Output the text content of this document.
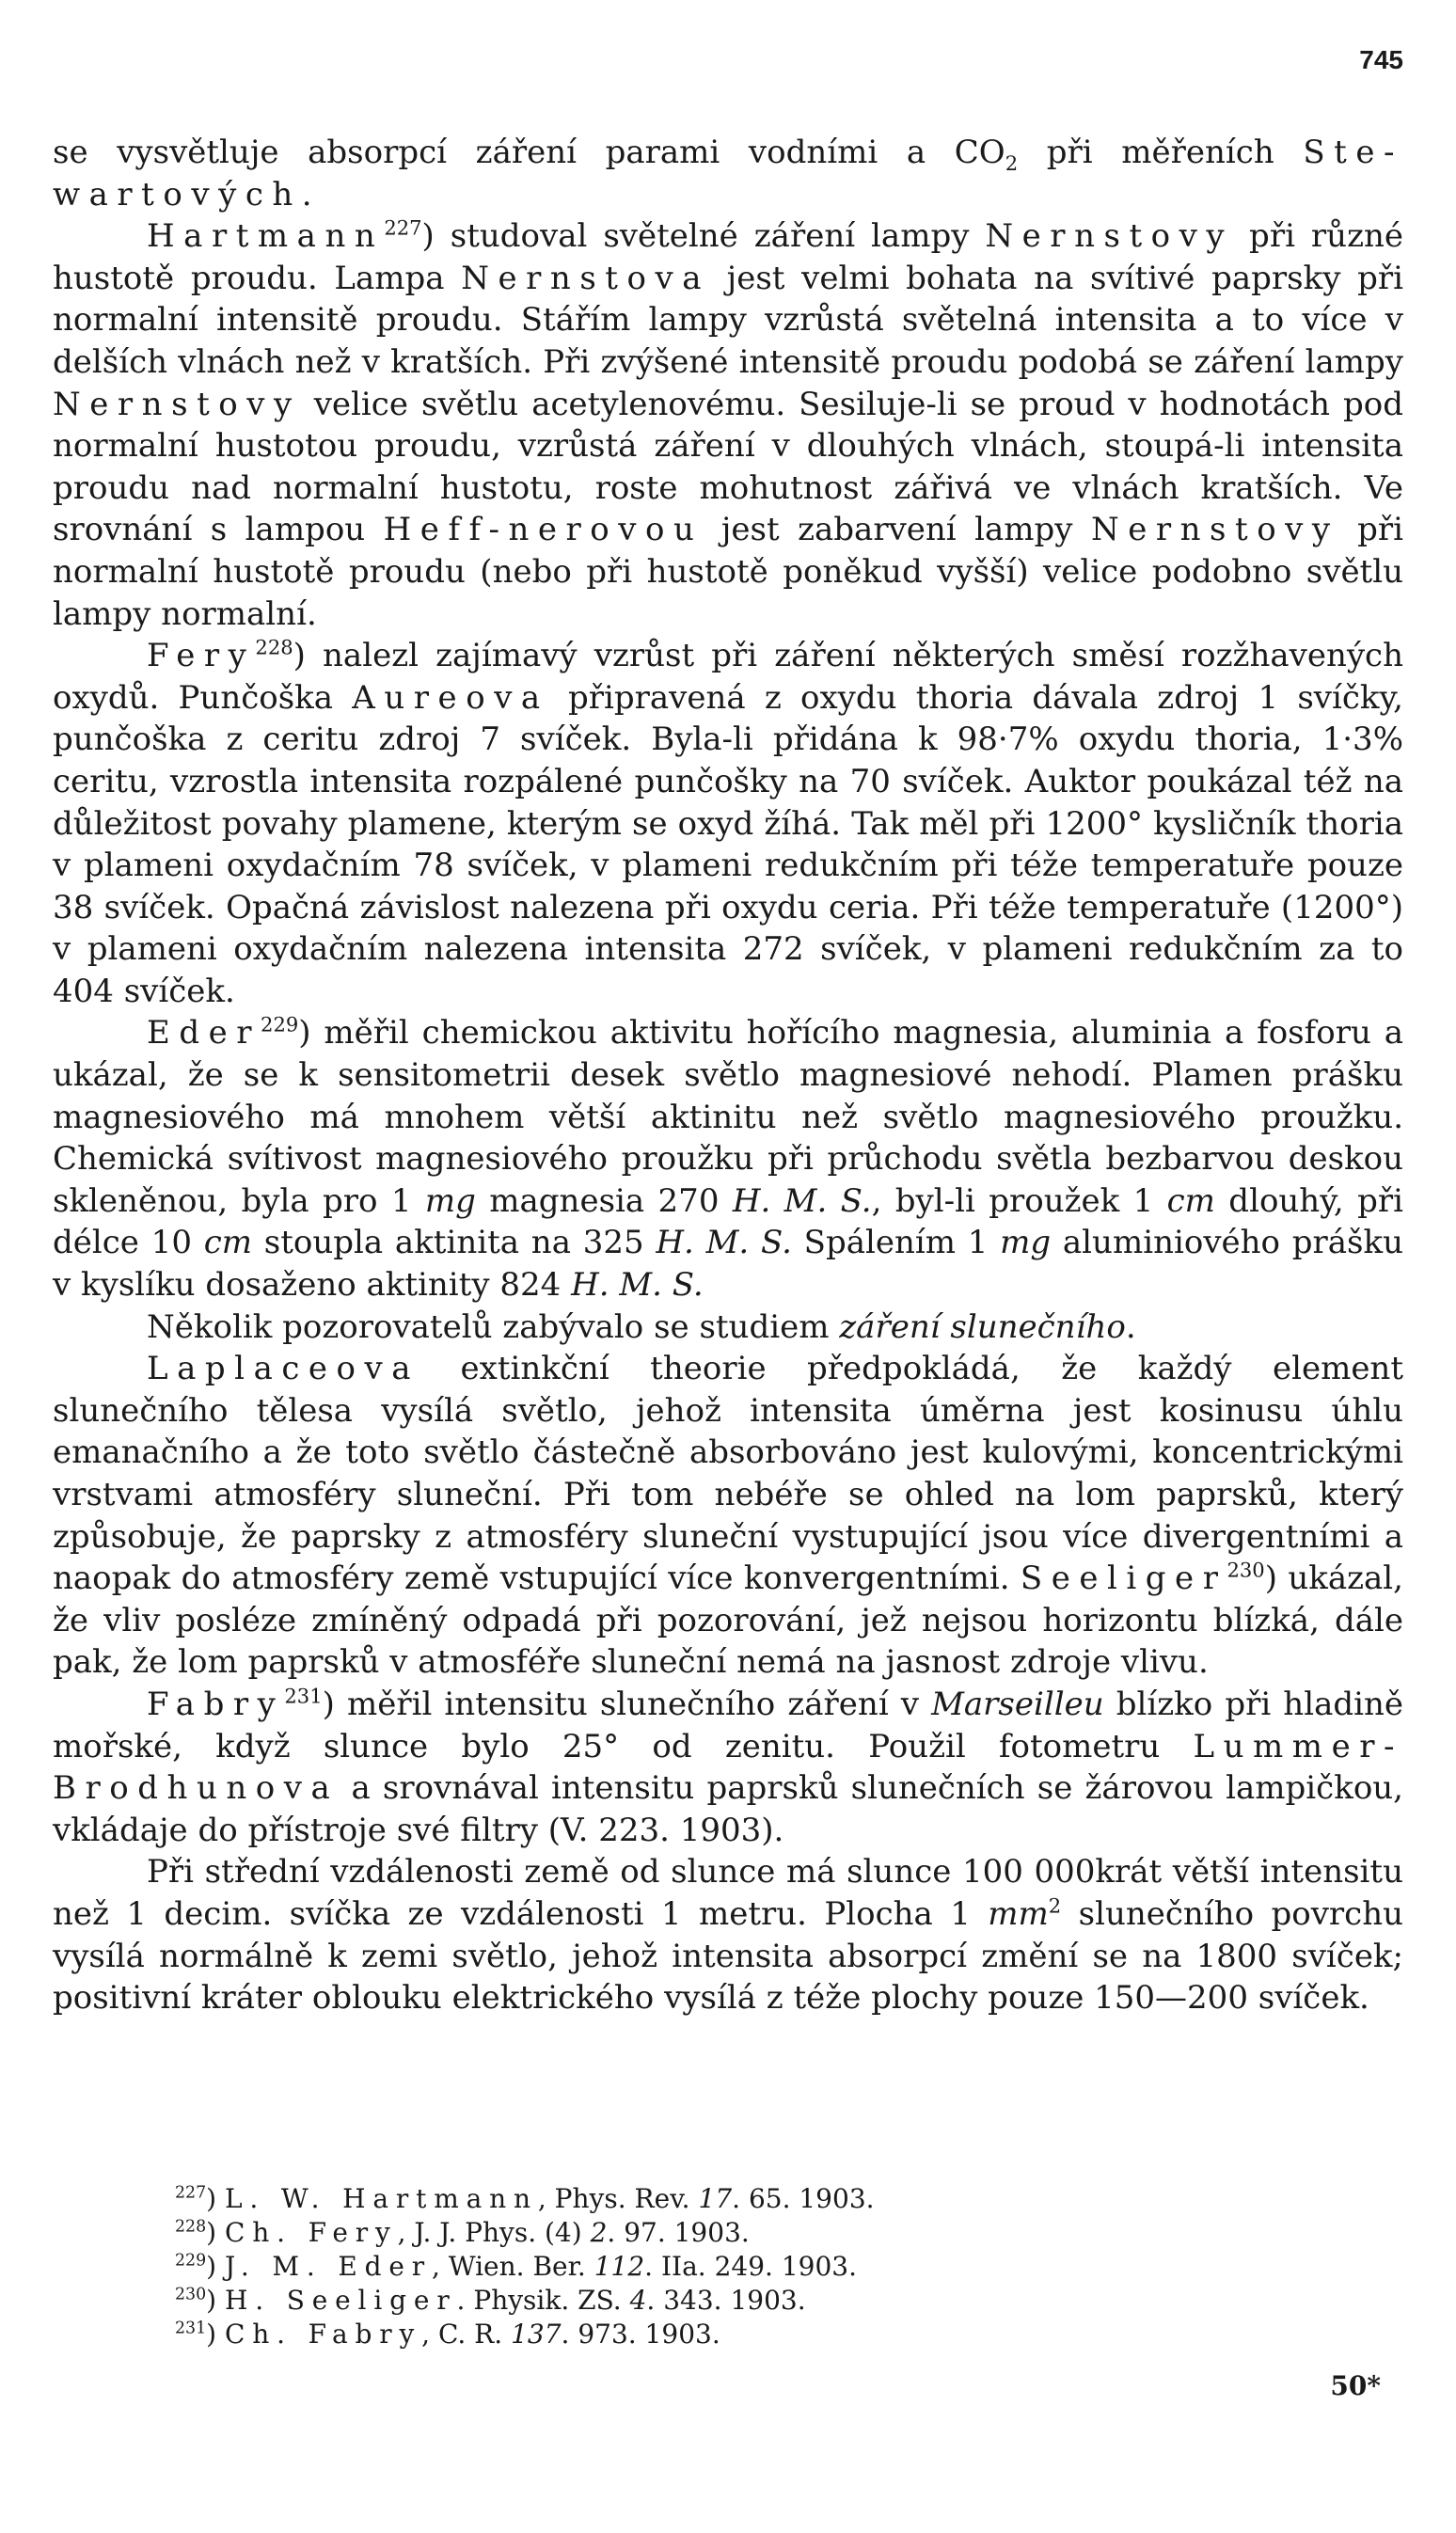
745

se vysvětluje absorpcí záření parami vodními a $CO_2$ při měřeních Ste-wartových.

Hartmann$^{227}$) studoval světelné záření lampy Nernstovy při různé hustotě proudu. Lampa Nernstova jest velmi bohata na svítivé paprsky při normalní intensitě proudu. Stářím lampy vzrůstá světelná intensita a to více v delších vlnách než v kratších. Při zvýšené intensitě proudu podobá se záření lampy Nernstovy velice světlu acetylenovému. Sesiluje-li se proud v hodnotách pod normalní hustotou proudu, vzrůstá záření v dlouhých vlnách, stoupá-li intensita proudu nad normalní hustotu, roste mohutnost zářivá ve vlnách kratších. Ve srovnání s lampou Heff-nerovou jest zabarvení lampy Nernstovy při normalní hustotě proudu (nebo při hustotě poněkud vyšší) velice podobno světlu lampy normalní.

Fery$^{228}$) nalezl zajímavý vzrůst při záření některých směsí rozžhavených oxydů. Punčoška Aureova připravená z oxydu thoria dávala zdroj 1 svíčky, punčoška z ceritu zdroj 7 svíček. Byla-li přidána k 98·7% oxydu thoria, 1·3% ceritu, vzrostla intensita rozpálené punčošky na 70 svíček. Auktor poukázal též na důležitost povahy plamene, kterým se oxyd žíhá. Tak měl při 1200° kysličník thoria v plameni oxydačním 78 svíček, v plameni redukčním při téže temperatuře pouze 38 svíček. Opačná závislost nalezena při oxydu ceria. Při téže temperatuře (1200°) v plameni oxydačním nalezena intensita 272 svíček, v plameni redukčním za to 404 svíček.

Eder$^{229}$) měřil chemickou aktivitu hořícího magnesia, aluminia a fosforu a ukázal, že se k sensitometrii desek světlo magnesiové nehodí. Plamen prášku magnesiového má mnohem větší aktinitu než světlo magnesiového proužku. Chemická svítivost magnesiového proužku při průchodu světla bezbarvou deskou skleněnou, byla pro 1 mg magnesia 270 H. M. S., byl-li proužek 1 cm dlouhý, při délce 10 cm stoupla aktinita na 325 H. M. S. Spálením 1 mg aluminiového prášku v kyslíku dosaženo aktinity 824 H. M. S.

Několik pozorovatelů zabývalo se studiem záření slunečního.

Laplaceova extinkční theorie předpokládá, že každý element slunečního tělesa vysílá světlo, jehož intensita úměrna jest kosinusu úhlu emanačního a že toto světlo částečně absorbováno jest kulovými, koncentrickými vrstvami atmosféry sluneční. Při tom nebéře se ohled na lom paprsků, který způsobuje, že paprsky z atmosféry sluneční vystupující jsou více divergentními a naopak do atmosféry země vstupující více konvergentními. Seeliger$^{230}$) ukázal, že vliv posléze zmíněný odpadá při pozorování, jež nejsou horizontu blízká, dále pak, že lom paprsků v atmosféře sluneční nemá na jasnost zdroje vlivu.

Fabry$^{231}$) měřil intensitu slunečního záření v Marseilleu blízko při hladině mořské, když slunce bylo 25° od zenitu. Použil fotometru Lummer-Brodhunova a srovnával intensitu paprsků slunečních se žárovou lampičkou, vkládaje do přístroje své filtry (V. 223. 1903).

Při střední vzdálenosti země od slunce má slunce 100 000krát větší intensitu než 1 decim. svíčka ze vzdálenosti 1 metru. Plocha 1 $mm^2$ slunečního povrchu vysílá normálně k zemi světlo, jehož intensita absorpcí změní se na 1800 svíček; positivní kráter oblouku elektrického vysílá z téže plochy pouze 150—200 svíček.

$^{227}$) L. W. Hartmann, Phys. Rev. 17. 65. 1903.
$^{228}$) Ch. Fery, J. J. Phys. (4) 2. 97. 1903.
$^{229}$) J. M. Eder, Wien. Ber. 112. IIa. 249. 1903.
$^{230}$) H. Seeliger. Physik. ZS. 4. 343. 1903.
$^{231}$) Ch. Fabry, C. R. 137. 973. 1903.
50*
